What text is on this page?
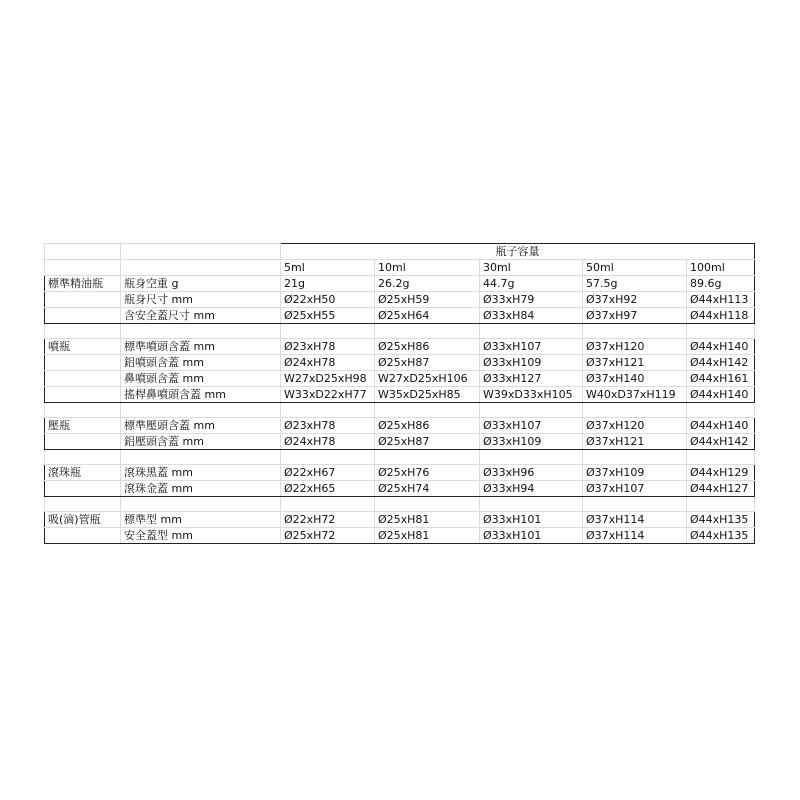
		瓶子容量				
		5ml	10ml	30ml	50ml	100ml
標準精油瓶	瓶身空重 g	21g	26.2g	44.7g	57.5g	89.6g
	瓶身尺寸 mm	Ø22xH50	Ø25xH59	Ø33xH79	Ø37xH92	Ø44xH113
	含安全蓋尺寸 mm	Ø25xH55	Ø25xH64	Ø33xH84	Ø37xH97	Ø44xH118

噴瓶	標準噴頭含蓋 mm	Ø23xH78	Ø25xH86	Ø33xH107	Ø37xH120	Ø44xH140
	鋁噴頭含蓋 mm	Ø24xH78	Ø25xH87	Ø33xH109	Ø37xH121	Ø44xH142
	鼻噴頭含蓋 mm	W27xD25xH98	W27xD25xH106	Ø33xH127	Ø37xH140	Ø44xH161
	搖桿鼻噴頭含蓋 mm	W33xD22xH77	W35xD25xH85	W39xD33xH105	W40xD37xH119	Ø44xH140

壓瓶	標準壓頭含蓋 mm	Ø23xH78	Ø25xH86	Ø33xH107	Ø37xH120	Ø44xH140
	鋁壓頭含蓋 mm	Ø24xH78	Ø25xH87	Ø33xH109	Ø37xH121	Ø44xH142

滾珠瓶	滾珠黑蓋 mm	Ø22xH67	Ø25xH76	Ø33xH96	Ø37xH109	Ø44xH129
	滾珠金蓋 mm	Ø22xH65	Ø25xH74	Ø33xH94	Ø37xH107	Ø44xH127

吸(滴)管瓶	標準型 mm	Ø22xH72	Ø25xH81	Ø33xH101	Ø37xH114	Ø44xH135
	安全蓋型 mm	Ø25xH72	Ø25xH81	Ø33xH101	Ø37xH114	Ø44xH135
